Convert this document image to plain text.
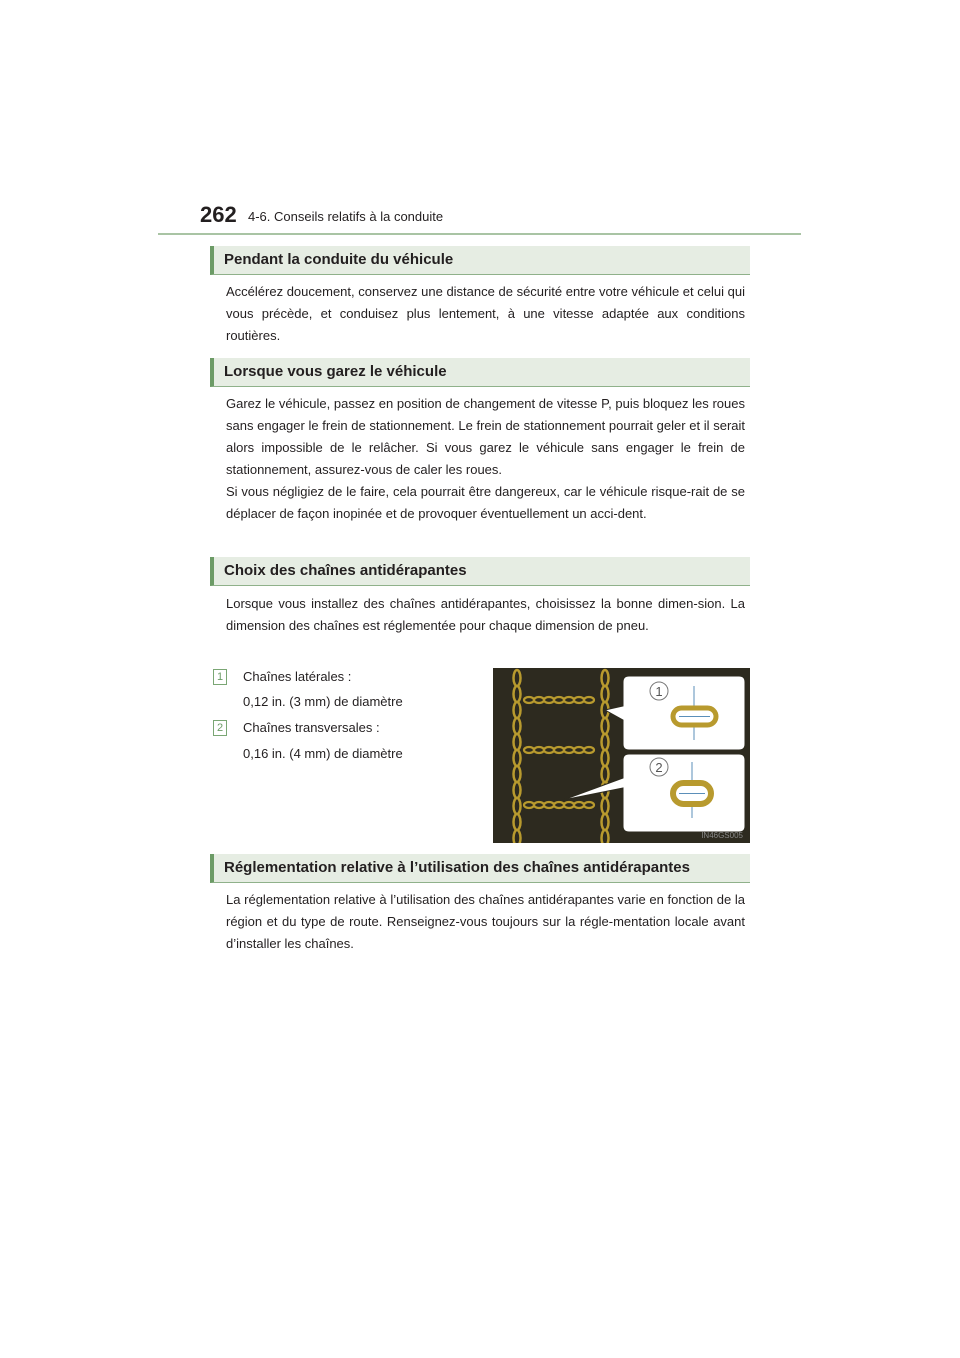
262 4-6. Conseils relatifs à la conduite
Pendant la conduite du véhicule

Accélérez doucement, conservez une distance de sécurité entre votre véhicule et celui qui vous précède, et conduisez plus lentement, à une vitesse adaptée aux conditions routières.

Lorsque vous garez le véhicule

Garez le véhicule, passez en position de changement de vitesse P, puis bloquez les roues sans engager le frein de stationnement. Le frein de stationnement pourrait geler et il serait alors impossible de le relâcher. Si vous garez le véhicule sans engager le frein de stationnement, assurez-vous de caler les roues.

Si vous négligiez de le faire, cela pourrait être dangereux, car le véhicule risque-rait de se déplacer de façon inopinée et de provoquer éventuellement un acci-dent.

Choix des chaînes antidérapantes

Lorsque vous installez des chaînes antidérapantes, choisissez la bonne dimen-sion. La dimension des chaînes est réglementée pour chaque dimension de pneu.

1	Chaînes latérales :
0,12 in. (3 mm) de diamètre
2	Chaînes transversales :
0,16 in. (4 mm) de diamètre
1
2
IN46GS005
Réglementation relative à l’utilisation des chaînes antidérapantes

La réglementation relative à l’utilisation des chaînes antidérapantes varie en fonction de la région et du type de route. Renseignez-vous toujours sur la régle-mentation locale avant d’installer les chaînes.
